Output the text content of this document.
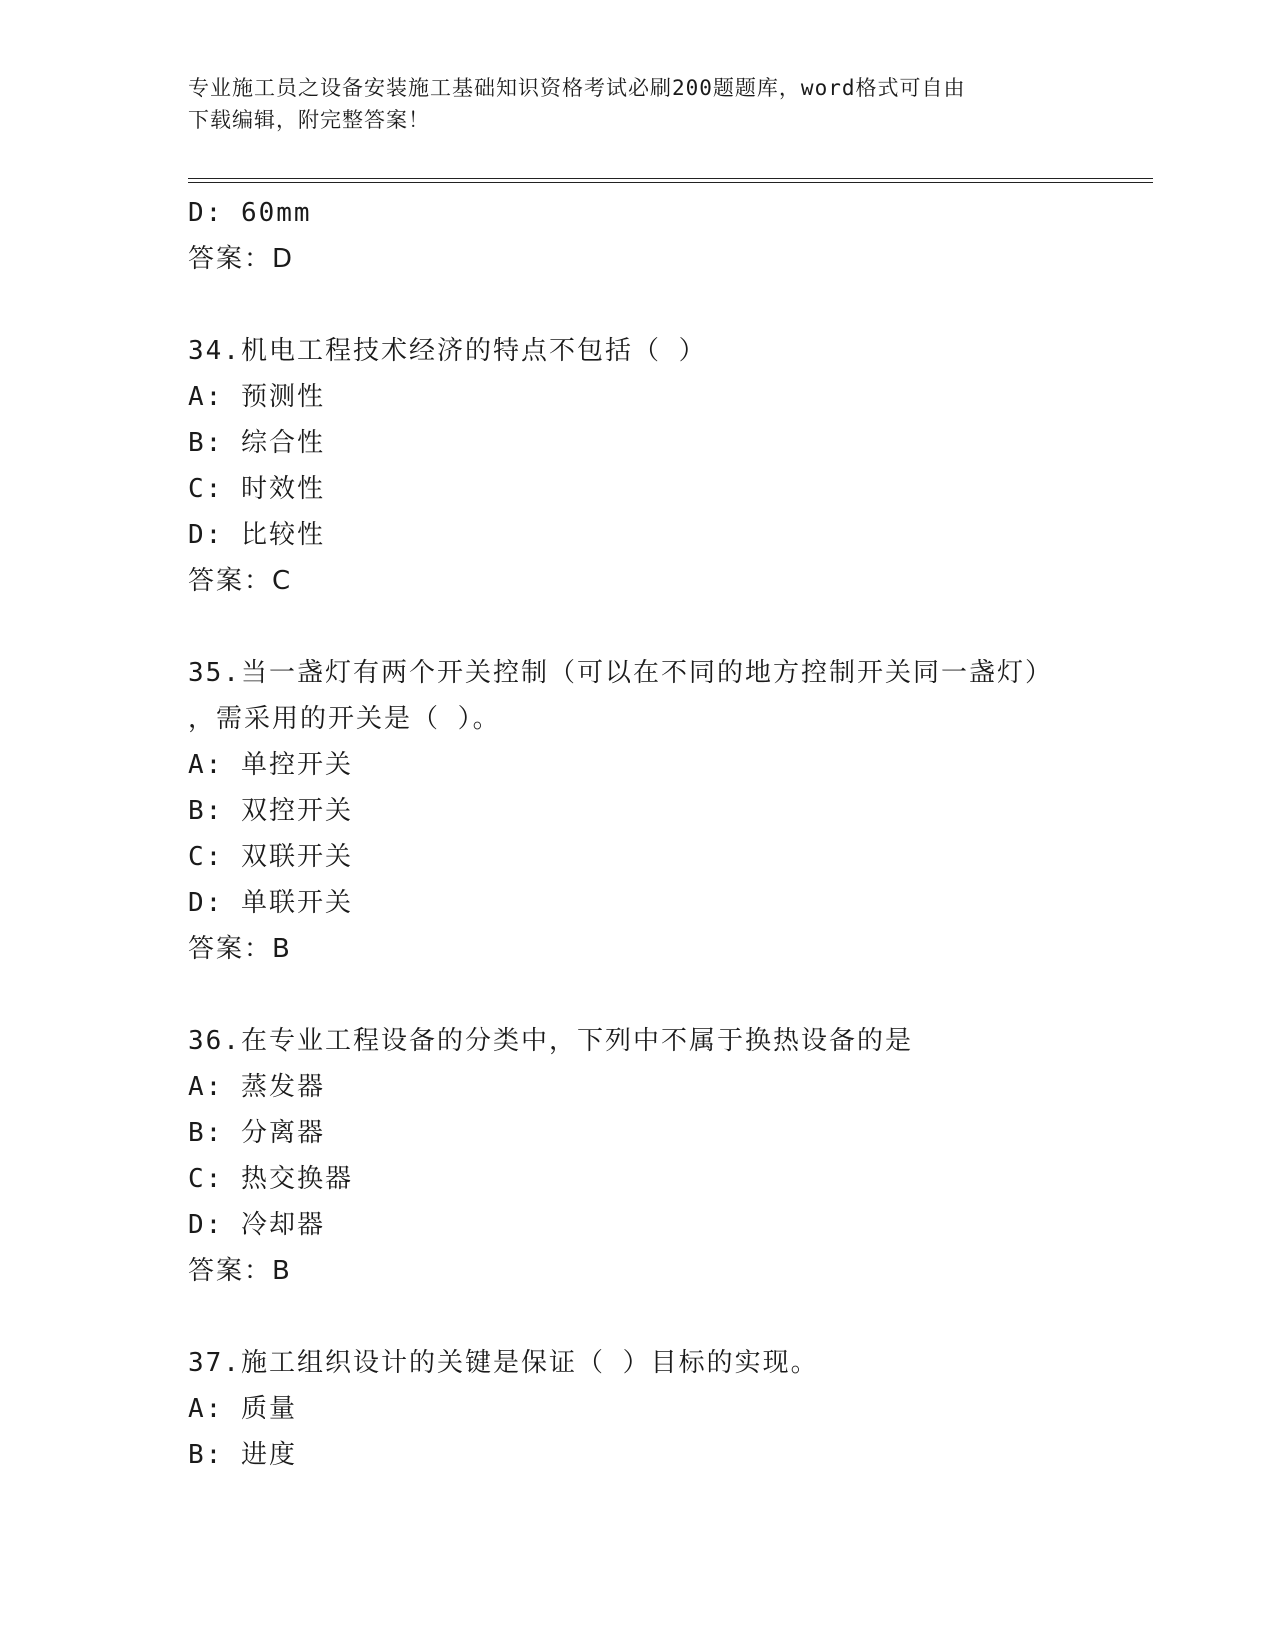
专业施工员之设备安装施工基础知识资格考试必刷200题题库，word格式可自由
下载编辑，附完整答案！
D: 60mm
答案：D
34.机电工程技术经济的特点不包括（ ）
A: 预测性
B: 综合性
C: 时效性
D: 比较性
答案：C
35.当一盏灯有两个开关控制（可以在不同的地方控制开关同一盏灯）
，需采用的开关是（ ）。
A: 单控开关
B: 双控开关
C: 双联开关
D: 单联开关
答案：B
36.在专业工程设备的分类中，下列中不属于换热设备的是
A: 蒸发器
B: 分离器
C: 热交换器
D: 冷却器
答案：B
37.施工组织设计的关键是保证（ ）目标的实现。
A: 质量
B: 进度
